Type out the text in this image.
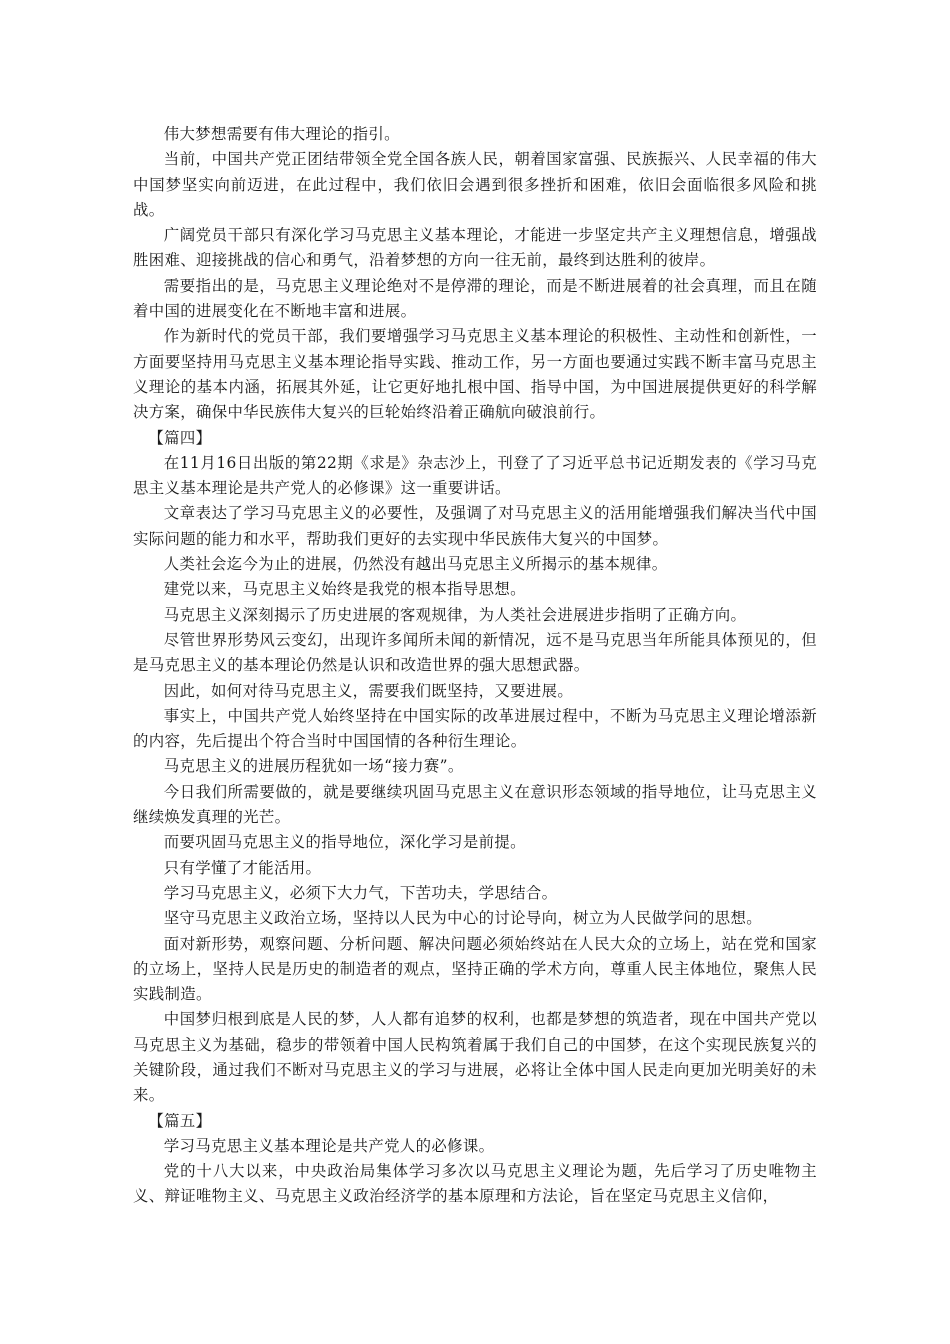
伟大梦想需要有伟大理论的指引。

当前，中国共产党正团结带领全党全国各族人民，朝着国家富强、民族振兴、人民幸福的伟大中国梦坚实向前迈进，在此过程中，我们依旧会遇到很多挫折和困难，依旧会面临很多风险和挑战。

广阔党员干部只有深化学习马克思主义基本理论，才能进一步坚定共产主义理想信息，增强战胜困难、迎接挑战的信心和勇气，沿着梦想的方向一往无前，最终到达胜利的彼岸。

需要指出的是，马克思主义理论绝对不是停滞的理论，而是不断进展着的社会真理，而且在随着中国的进展变化在不断地丰富和进展。

作为新时代的党员干部，我们要增强学习马克思主义基本理论的积极性、主动性和创新性，一方面要坚持用马克思主义基本理论指导实践、推动工作，另一方面也要通过实践不断丰富马克思主义理论的基本内涵，拓展其外延，让它更好地扎根中国、指导中国，为中国进展提供更好的科学解决方案，确保中华民族伟大复兴的巨轮始终沿着正确航向破浪前行。

【篇四】

在11月16日出版的第22期《求是》杂志沙上，刊登了了习近平总书记近期发表的《学习马克思主义基本理论是共产党人的必修课》这一重要讲话。

文章表达了学习马克思主义的必要性，及强调了对马克思主义的活用能增强我们解决当代中国实际问题的能力和水平，帮助我们更好的去实现中华民族伟大复兴的中国梦。

人类社会迄今为止的进展，仍然没有越出马克思主义所揭示的基本规律。

建党以来，马克思主义始终是我党的根本指导思想。

马克思主义深刻揭示了历史进展的客观规律，为人类社会进展进步指明了正确方向。

尽管世界形势风云变幻，出现许多闻所未闻的新情况，远不是马克思当年所能具体预见的，但是马克思主义的基本理论仍然是认识和改造世界的强大思想武器。

因此，如何对待马克思主义，需要我们既坚持，又要进展。

事实上，中国共产党人始终坚持在中国实际的改革进展过程中，不断为马克思主义理论增添新的内容，先后提出个符合当时中国国情的各种衍生理论。

马克思主义的进展历程犹如一场“接力赛”。

今日我们所需要做的，就是要继续巩固马克思主义在意识形态领域的指导地位，让马克思主义继续焕发真理的光芒。

而要巩固马克思主义的指导地位，深化学习是前提。

只有学懂了才能活用。

学习马克思主义，必须下大力气，下苦功夫，学思结合。

坚守马克思主义政治立场，坚持以人民为中心的讨论导向，树立为人民做学问的思想。

面对新形势，观察问题、分析问题、解决问题必须始终站在人民大众的立场上，站在党和国家的立场上，坚持人民是历史的制造者的观点，坚持正确的学术方向，尊重人民主体地位，聚焦人民实践制造。

中国梦归根到底是人民的梦，人人都有追梦的权利，也都是梦想的筑造者，现在中国共产党以马克思主义为基础，稳步的带领着中国人民构筑着属于我们自己的中国梦，在这个实现民族复兴的关键阶段，通过我们不断对马克思主义的学习与进展，必将让全体中国人民走向更加光明美好的未来。

【篇五】

学习马克思主义基本理论是共产党人的必修课。

党的十八大以来，中央政治局集体学习多次以马克思主义理论为题，先后学习了历史唯物主义、辩证唯物主义、马克思主义政治经济学的基本原理和方法论，旨在坚定马克思主义信仰，
